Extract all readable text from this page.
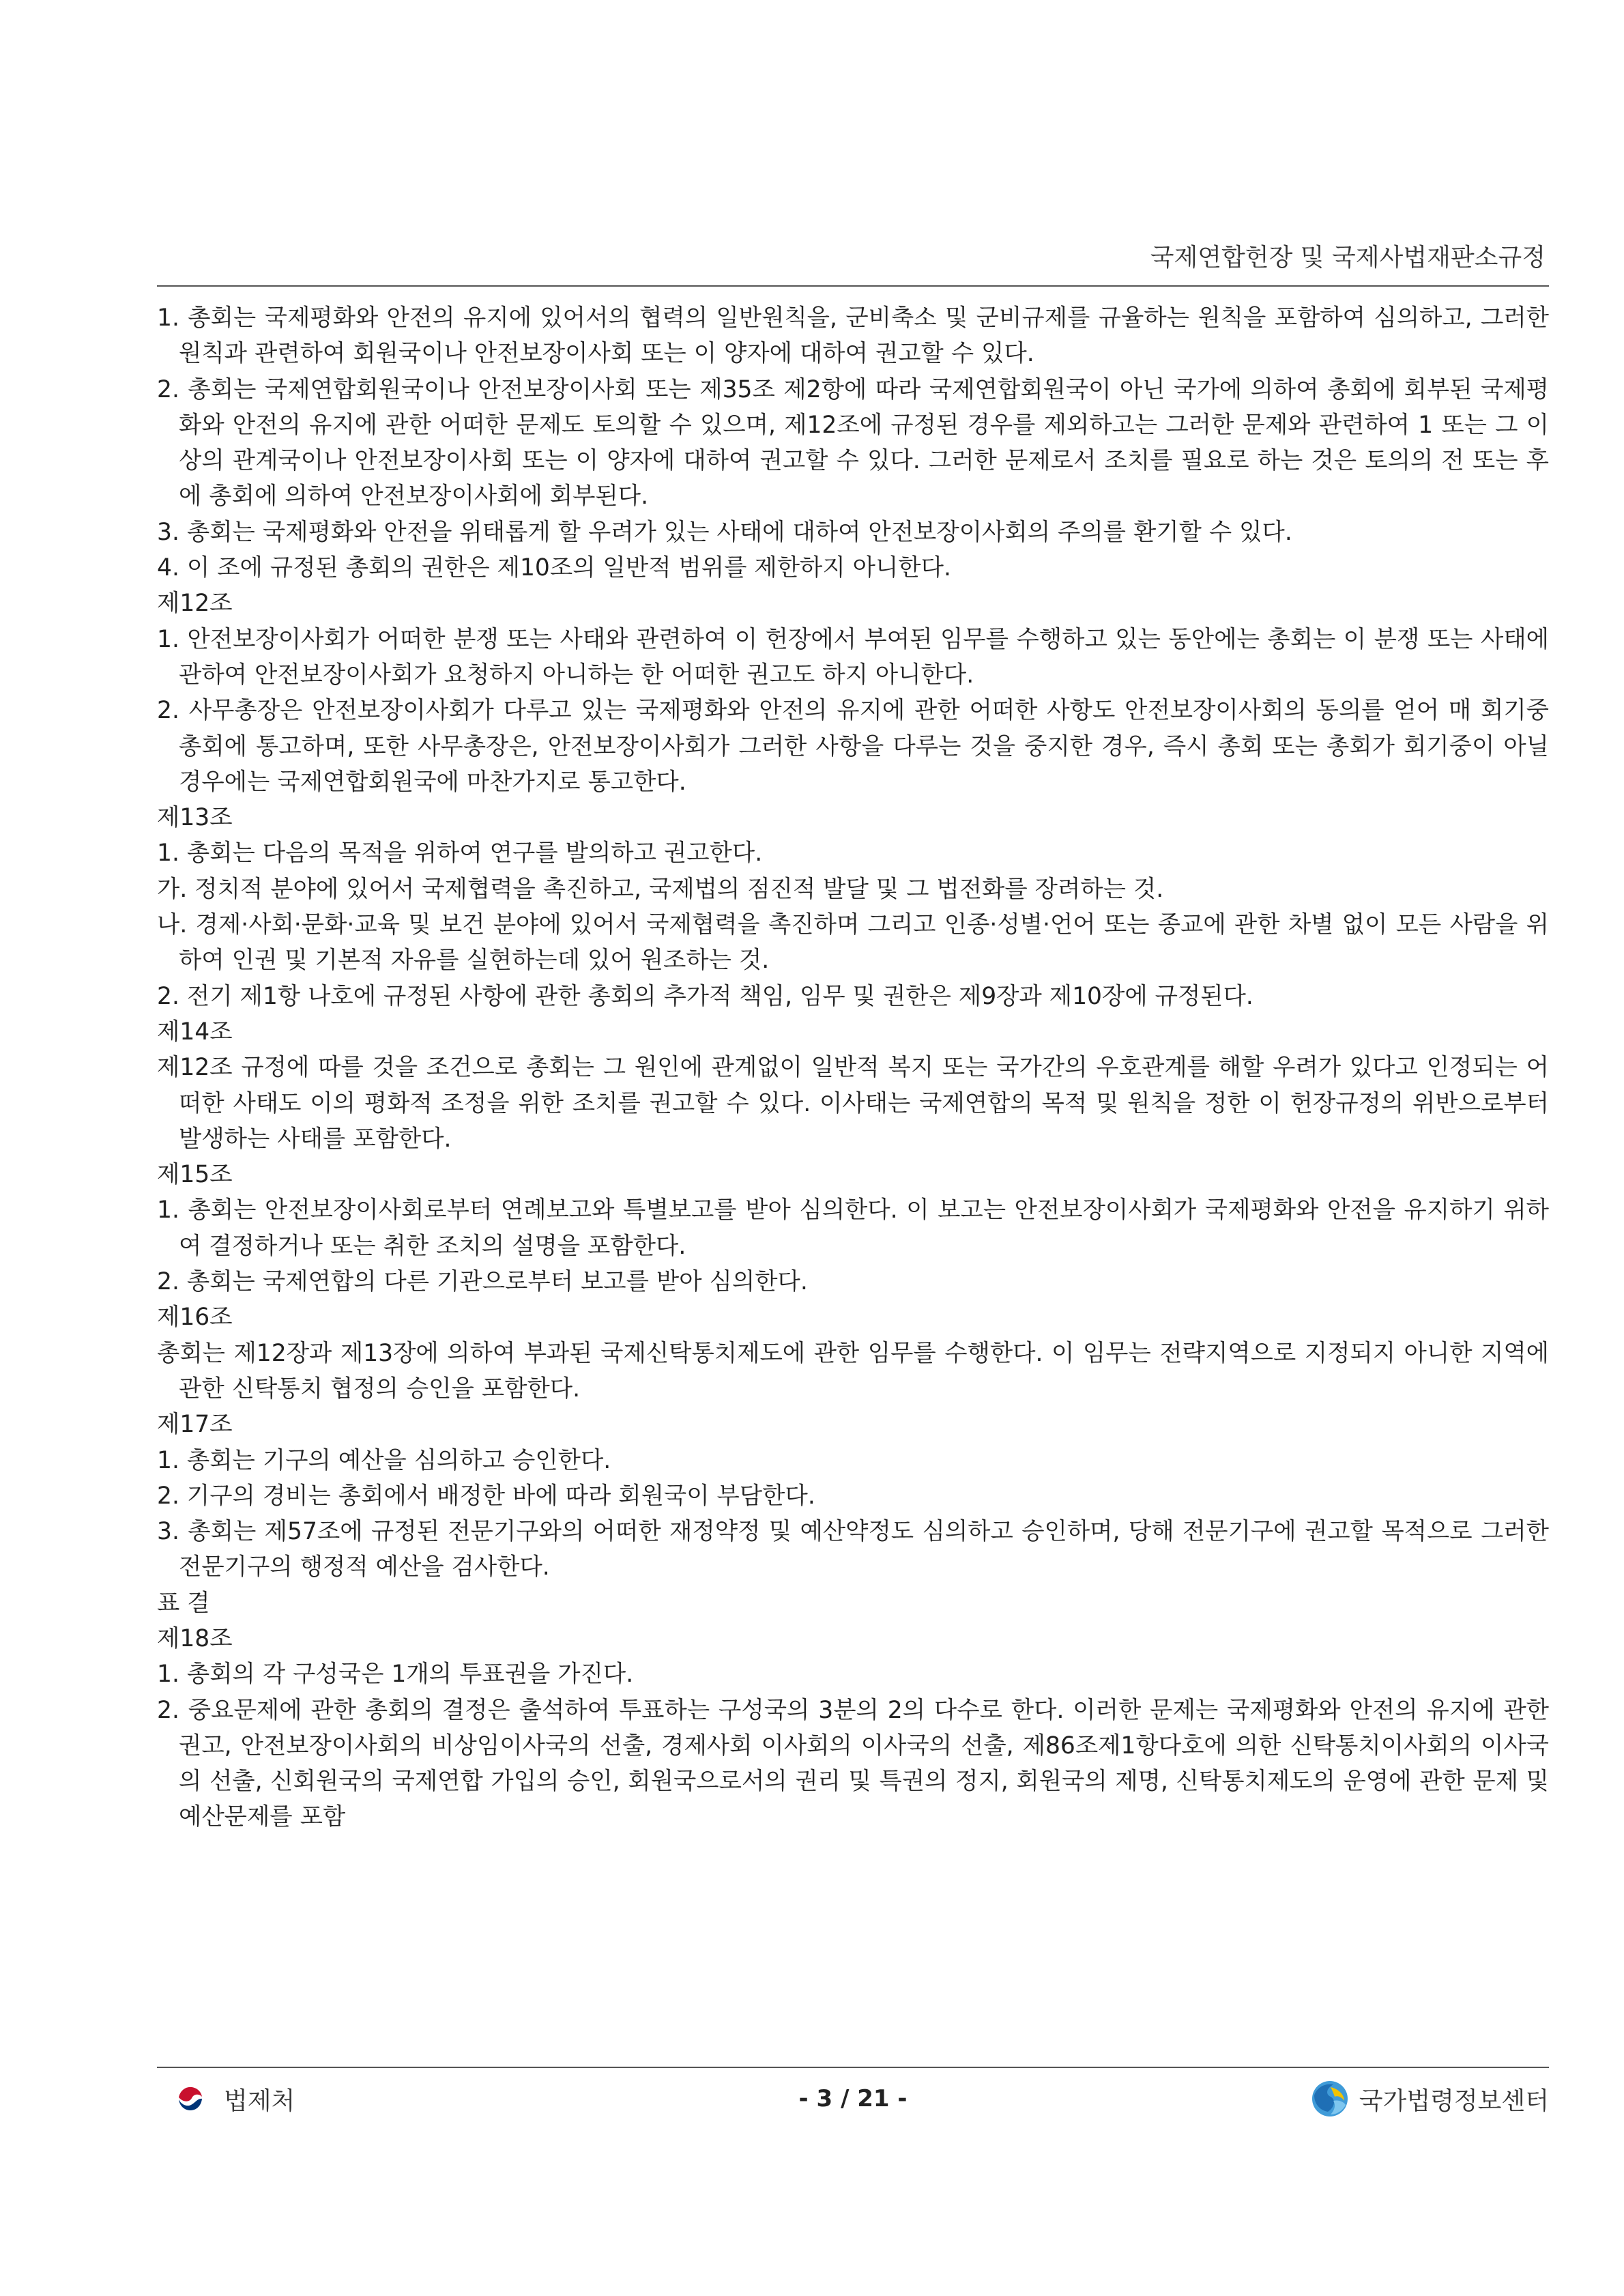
국제연합헌장 및 국제사법재판소규정
1. 총회는 국제평화와 안전의 유지에 있어서의 협력의 일반원칙을, 군비축소 및 군비규제를 규율하는 원칙을 포함하여 심의하고, 그러한 원칙과 관련하여 회원국이나 안전보장이사회 또는 이 양자에 대하여 권고할 수 있다.
2. 총회는 국제연합회원국이나 안전보장이사회 또는 제35조 제2항에 따라 국제연합회원국이 아닌 국가에 의하여 총회에 회부된 국제평화와 안전의 유지에 관한 어떠한 문제도 토의할 수 있으며, 제12조에 규정된 경우를 제외하고는 그러한 문제와 관련하여 1 또는 그 이상의 관계국이나 안전보장이사회 또는 이 양자에 대하여 권고할 수 있다. 그러한 문제로서 조치를 필요로 하는 것은 토의의 전 또는 후에 총회에 의하여 안전보장이사회에 회부된다.
3. 총회는 국제평화와 안전을 위태롭게 할 우려가 있는 사태에 대하여 안전보장이사회의 주의를 환기할 수 있다.
4. 이 조에 규정된 총회의 권한은 제10조의 일반적 범위를 제한하지 아니한다.
제12조
1. 안전보장이사회가 어떠한 분쟁 또는 사태와 관련하여 이 헌장에서 부여된 임무를 수행하고 있는 동안에는 총회는 이 분쟁 또는 사태에 관하여 안전보장이사회가 요청하지 아니하는 한 어떠한 권고도 하지 아니한다.
2. 사무총장은 안전보장이사회가 다루고 있는 국제평화와 안전의 유지에 관한 어떠한 사항도 안전보장이사회의 동의를 얻어 매 회기중 총회에 통고하며, 또한 사무총장은, 안전보장이사회가 그러한 사항을 다루는 것을 중지한 경우, 즉시 총회 또는 총회가 회기중이 아닐 경우에는 국제연합회원국에 마찬가지로 통고한다.
제13조
1. 총회는 다음의 목적을 위하여 연구를 발의하고 권고한다.
가. 정치적 분야에 있어서 국제협력을 촉진하고, 국제법의 점진적 발달 및 그 법전화를 장려하는 것.
나. 경제·사회·문화·교육 및 보건 분야에 있어서 국제협력을 촉진하며 그리고 인종·성별·언어 또는 종교에 관한 차별 없이 모든 사람을 위하여 인권 및 기본적 자유를 실현하는데 있어 원조하는 것.
2. 전기 제1항 나호에 규정된 사항에 관한 총회의 추가적 책임, 임무 및 권한은 제9장과 제10장에 규정된다.
제14조
제12조 규정에 따를 것을 조건으로 총회는 그 원인에 관계없이 일반적 복지 또는 국가간의 우호관계를 해할 우려가 있다고 인정되는 어떠한 사태도 이의 평화적 조정을 위한 조치를 권고할 수 있다. 이사태는 국제연합의 목적 및 원칙을 정한 이 헌장규정의 위반으로부터 발생하는 사태를 포함한다.
제15조
1. 총회는 안전보장이사회로부터 연례보고와 특별보고를 받아 심의한다. 이 보고는 안전보장이사회가 국제평화와 안전을 유지하기 위하여 결정하거나 또는 취한 조치의 설명을 포함한다.
2. 총회는 국제연합의 다른 기관으로부터 보고를 받아 심의한다.
제16조
총회는 제12장과 제13장에 의하여 부과된 국제신탁통치제도에 관한 임무를 수행한다. 이 임무는 전략지역으로 지정되지 아니한 지역에 관한 신탁통치 협정의 승인을 포함한다.
제17조
1. 총회는 기구의 예산을 심의하고 승인한다.
2. 기구의 경비는 총회에서 배정한 바에 따라 회원국이 부담한다.
3. 총회는 제57조에 규정된 전문기구와의 어떠한 재정약정 및 예산약정도 심의하고 승인하며, 당해 전문기구에 권고할 목적으로 그러한 전문기구의 행정적 예산을 검사한다.
표 결
제18조
1. 총회의 각 구성국은 1개의 투표권을 가진다.
2. 중요문제에 관한 총회의 결정은 출석하여 투표하는 구성국의 3분의 2의 다수로 한다. 이러한 문제는 국제평화와 안전의 유지에 관한 권고, 안전보장이사회의 비상임이사국의 선출, 경제사회 이사회의 이사국의 선출, 제86조제1항다호에 의한 신탁통치이사회의 이사국의 선출, 신회원국의 국제연합 가입의 승인, 회원국으로서의 권리 및 특권의 정지, 회원국의 제명, 신탁통치제도의 운영에 관한 문제 및 예산문제를 포함
법제처	- 3 / 21 -	국가법령정보센터
